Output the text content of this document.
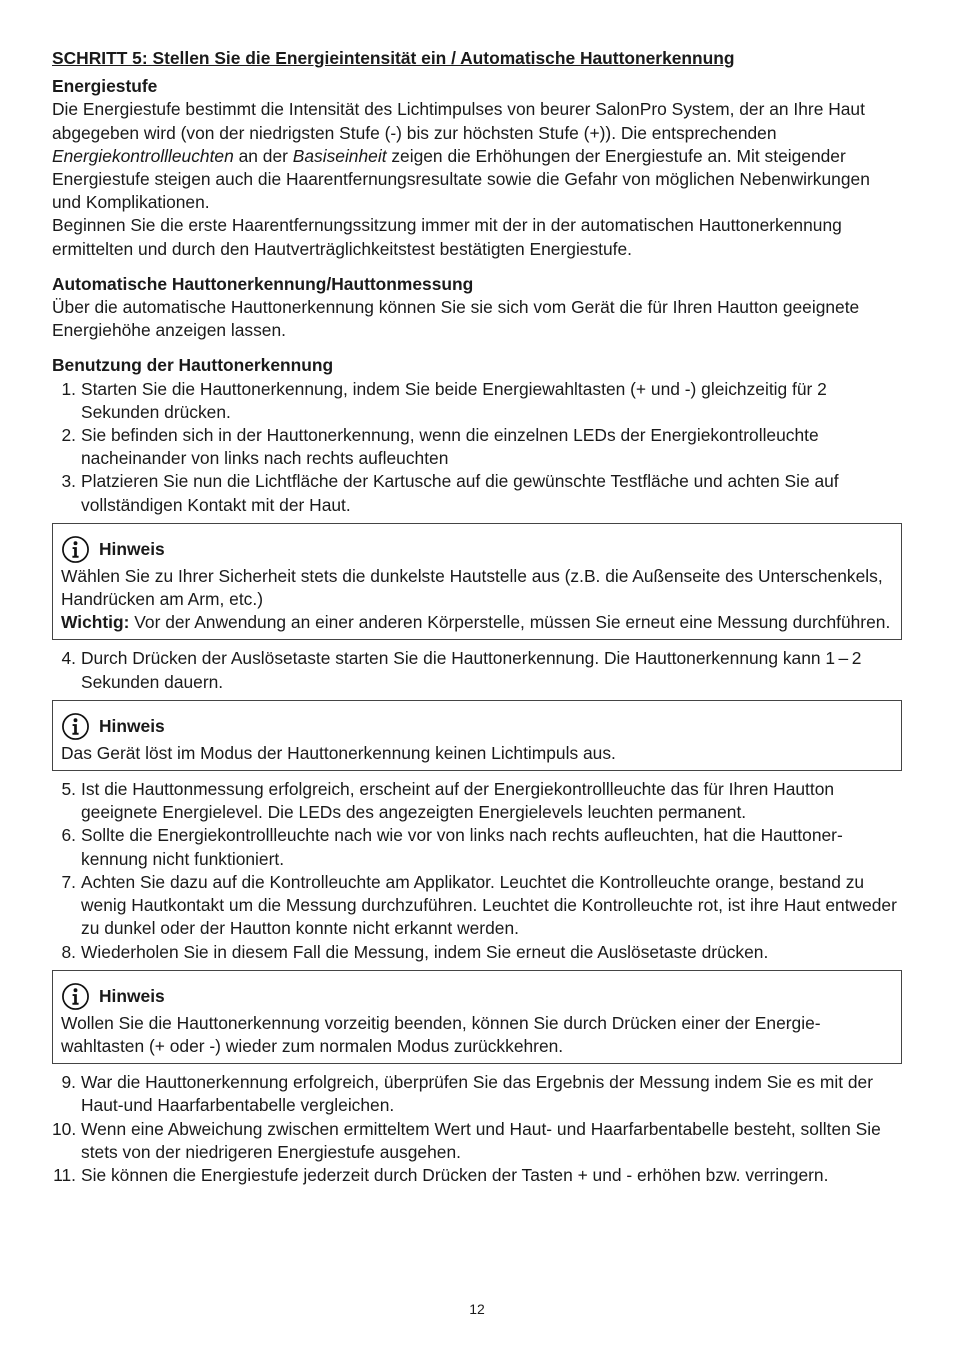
SCHRITT 5: Stellen Sie die Energieintensität ein / Automatische Hauttonerkennung

Energiestufe

Die Energiestufe bestimmt die Intensität des Lichtimpulses von beurer SalonPro System, der an Ihre Haut abgegeben wird (von der niedrigsten Stufe (-) bis zur höchsten Stufe (+)). Die entsprechenden Energiekontrollleuchten an der Basiseinheit zeigen die Erhöhungen der Energiestufe an. Mit steigender Energiestufe steigen auch die Haarentfernungsresultate sowie die Gefahr von möglichen Nebenwirkungen und Komplikationen.

Beginnen Sie die erste Haarentfernungssitzung immer mit der in der automatischen Hauttonerkennung ermittelten und durch den Hautverträglichkeitstest bestätigten Energiestufe.

Automatische Hauttonerkennung/Hauttonmessung

Über die automatische Hauttonerkennung können Sie sie sich vom Gerät die für Ihren Hautton geeignete Energiehöhe anzeigen lassen.

Benutzung der Hauttonerkennung

1. Starten Sie die Hauttonerkennung, indem Sie beide Energiewahltasten (+ und -) gleichzeitig für 2 Sekunden drücken.
2. Sie befinden sich in der Hauttonerkennung, wenn die einzelnen LEDs der Energiekontrolleuchte nacheinander von links nach rechts aufleuchten
3. Platzieren Sie nun die Lichtfläche der Kartusche auf die gewünschte Testfläche und achten Sie auf vollständigen Kontakt mit der Haut.
Hinweis

Wählen Sie zu Ihrer Sicherheit stets die dunkelste Hautstelle aus (z.B. die Außenseite des Unterschenkels, Handrücken am Arm, etc.)

Wichtig: Vor der Anwendung an einer anderen Körperstelle, müssen Sie erneut eine Messung durchführen.

4. Durch Drücken der Auslösetaste starten Sie die Hauttonerkennung. Die Hauttonerkennung kann 1 – 2 Sekunden dauern.
Hinweis

Das Gerät löst im Modus der Hauttonerkennung keinen Lichtimpuls aus.

5. Ist die Hauttonmessung erfolgreich, erscheint auf der Energiekontrollleuchte das für Ihren Hautton geeignete Energielevel. Die LEDs des angezeigten Energielevels leuchten permanent.
6. Sollte die Energiekontrollleuchte nach wie vor von links nach rechts aufleuchten, hat die Hauttonerkennung nicht funktioniert.
7. Achten Sie dazu auf die Kontrolleuchte am Applikator. Leuchtet die Kontrolleuchte orange, bestand zu wenig Hautkontakt um die Messung durchzuführen. Leuchtet die Kontrolleuchte rot, ist ihre Haut entweder zu dunkel oder der Hautton konnte nicht erkannt werden.
8. Wiederholen Sie in diesem Fall die Messung, indem Sie erneut die Auslösetaste drücken.
Hinweis

Wollen Sie die Hauttonerkennung vorzeitig beenden, können Sie durch Drücken einer der Energiewahltasten (+ oder -) wieder zum normalen Modus zurückkehren.

9. War die Hauttonerkennung erfolgreich, überprüfen Sie das Ergebnis der Messung indem Sie es mit der Haut-und Haarfarbentabelle vergleichen.
10. Wenn eine Abweichung zwischen ermitteltem Wert und Haut- und Haarfarbentabelle besteht, sollten Sie stets von der niedrigeren Energiestufe ausgehen.
11. Sie können die Energiestufe jederzeit durch Drücken der Tasten + und - erhöhen bzw. verringern.
12
